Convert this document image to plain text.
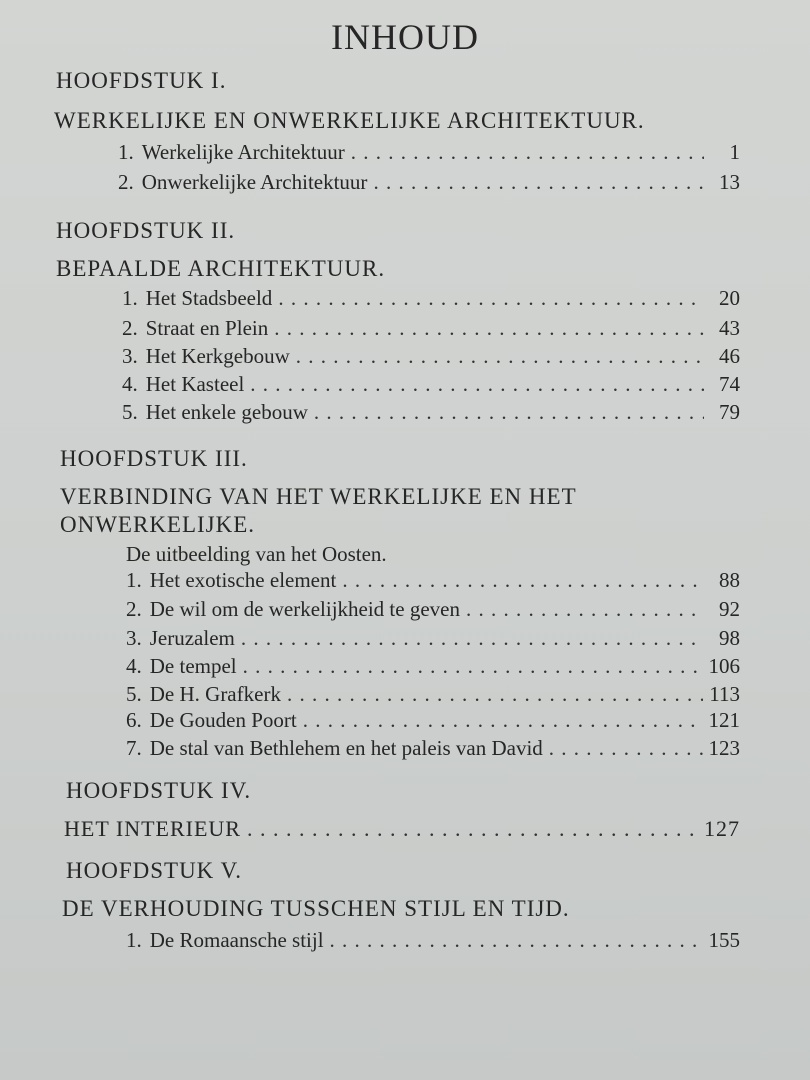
INHOUD
HOOFDSTUK I.
WERKELIJKE EN ONWERKELIJKE ARCHITEKTUUR.
1. Werkelijke Architektuur . . .	1
2. Onwerkelijke Architektuur . . .	13
HOOFDSTUK II.
BEPAALDE ARCHITEKTUUR.
1. Het Stadsbeeld . . .	20
2. Straat en Plein . . .	43
3. Het Kerkgebouw . . .	46
4. Het Kasteel . . .	74
5. Het enkele gebouw . . .	79
HOOFDSTUK III.
VERBINDING VAN HET WERKELIJKE EN HET
ONWERKELIJKE.
De uitbeelding van het Oosten.
1. Het exotische element . . .	88
2. De wil om de werkelijkheid te geven . . .	92
3. Jeruzalem . . .	98
4. De tempel . . .	106
5. De H. Grafkerk . . .	113
6. De Gouden Poort . . .	121
7. De stal van Bethlehem en het paleis van David . . .	123
HOOFDSTUK IV.
HET INTERIEUR . . .	127
HOOFDSTUK V.
DE VERHOUDING TUSSCHEN STIJL EN TIJD.
1. De Romaansche stijl . . .	155
